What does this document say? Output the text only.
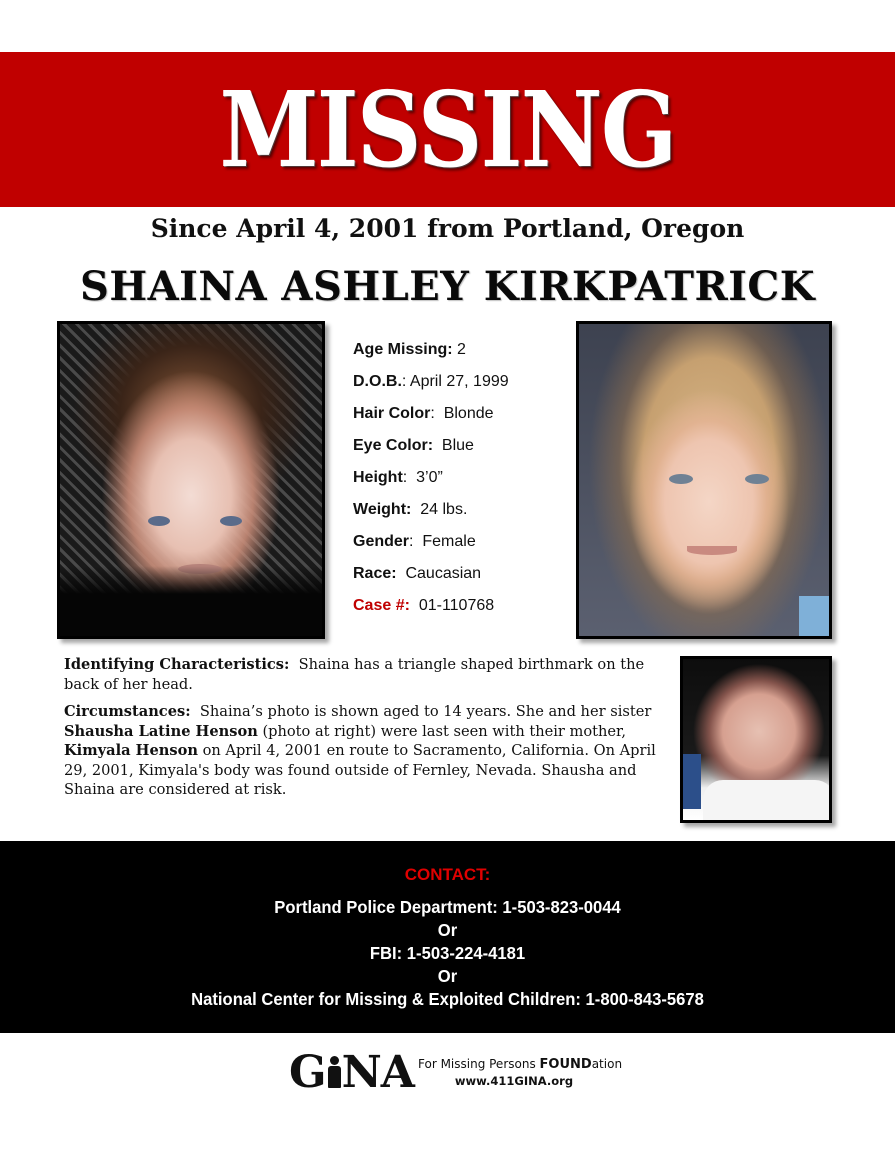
MISSING
Since April 4, 2001 from Portland, Oregon
SHAINA ASHLEY KIRKPATRICK
Age Missing: 2
D.O.B.: April 27, 1999
Hair Color:  Blonde
Eye Color:  Blue
Height:  3’0”
Weight:  24 lbs.
Gender:  Female
Race:  Caucasian
Case #:  01-110768

Identifying Characteristics: Shaina has a triangle shaped birthmark on the back of her head.

Circumstances: Shaina’s photo is shown aged to 14 years. She and her sister Shausha Latine Henson (photo at right) were last seen with their mother, Kimyala Henson on April 4, 2001 en route to Sacramento, California. On April 29, 2001, Kimyala's body was found outside of Fernley, Nevada. Shausha and Shaina are considered at risk.

CONTACT:
Portland Police Department: 1-503-823-0044
Or
FBI: 1-503-224-4181
Or
National Center for Missing & Exploited Children: 1-800-843-5678
G NA For Missing Persons FOUNDation
www.411GINA.org
